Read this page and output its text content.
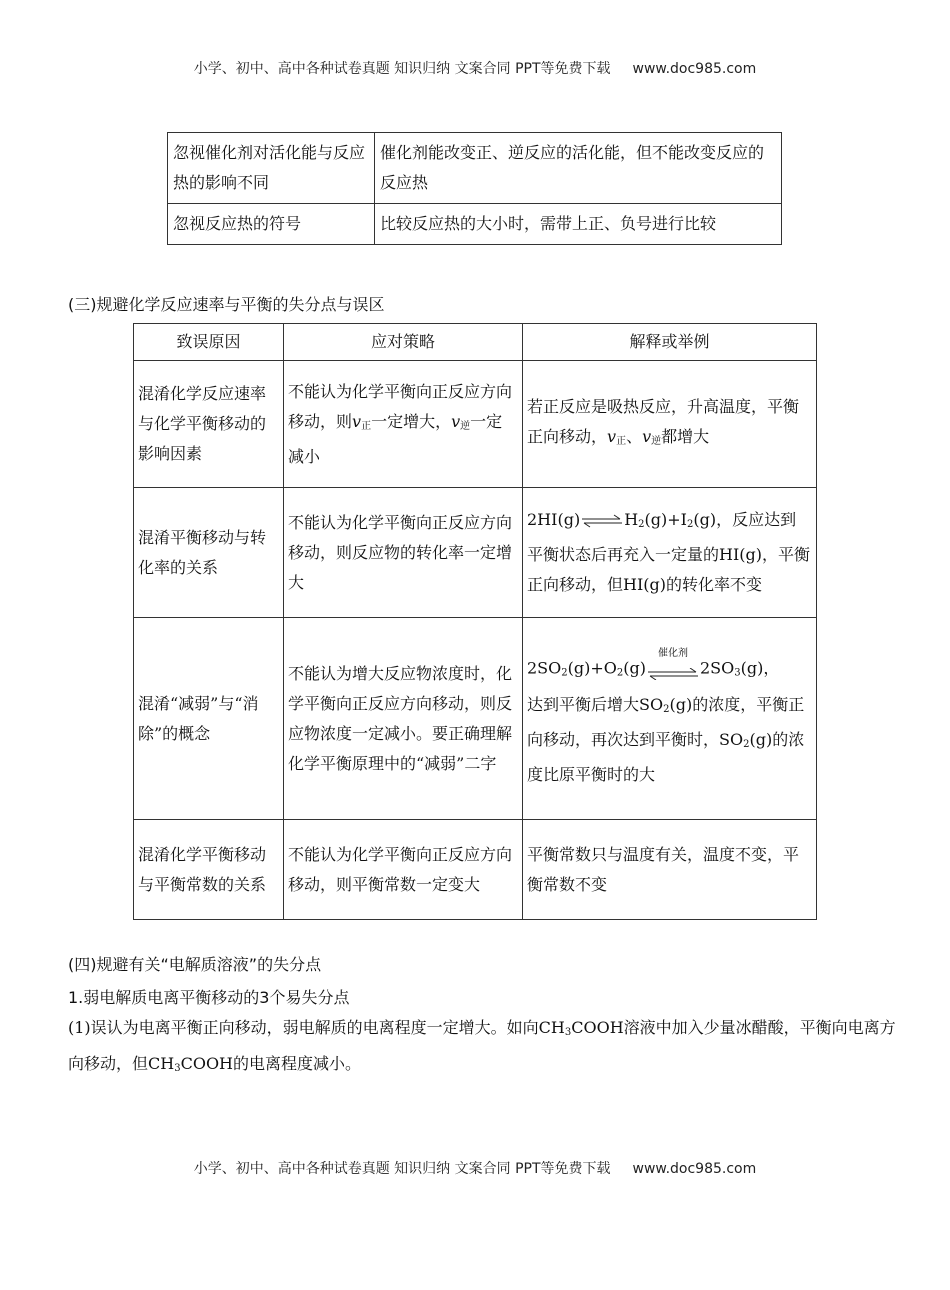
小学、初中、高中各种试卷真题 知识归纳 文案合同 PPT等免费下载 www.doc985.com
忽视催化剂对活化能与反应热的影响不同	催化剂能改变正、逆反应的活化能，但不能改变反应的反应热
忽视反应热的符号	比较反应热的大小时，需带上正、负号进行比较
(三)规避化学反应速率与平衡的失分点与误区
致误原因	应对策略	解释或举例
混淆化学反应速率与化学平衡移动的影响因素	不能认为化学平衡向正反应方向移动，则$v_正$一定增大，$v_逆$一定减小	若正反应是吸热反应，升高温度，平衡正向移动，$v_正$、$v_逆$都增大
混淆平衡移动与转化率的关系	不能认为化学平衡向正反应方向移动，则反应物的转化率一定增大	$2HI(g)\rightleftharpoons H_2(g)+I_2(g)$，反应达到平衡状态后再充入一定量的HI(g)，平衡正向移动，但HI(g)的转化率不变
混淆“减弱”与“消除”的概念	不能认为增大反应物浓度时，化学平衡向正反应方向移动，则反应物浓度一定减小。要正确理解化学平衡原理中的“减弱”二字	$2SO_2(g)+O_2(g)$
催化剂
$2SO_3(g)$，
达到平衡后增大$SO_2(g)$的浓度，平衡正向移动，再次达到平衡时，$SO_2(g)$的浓度比原平衡时的大
混淆化学平衡移动与平衡常数的关系	不能认为化学平衡向正反应方向移动，则平衡常数一定变大	平衡常数只与温度有关，温度不变，平衡常数不变
(四)规避有关“电解质溶液”的失分点
1.弱电解质电离平衡移动的3个易失分点
(1)误认为电离平衡正向移动，弱电解质的电离程度一定增大。如向$CH_3COOH$溶液中加入少量冰醋酸，平衡向电离方向移动，但$CH_3COOH$的电离程度减小。
小学、初中、高中各种试卷真题 知识归纳 文案合同 PPT等免费下载 www.doc985.com
